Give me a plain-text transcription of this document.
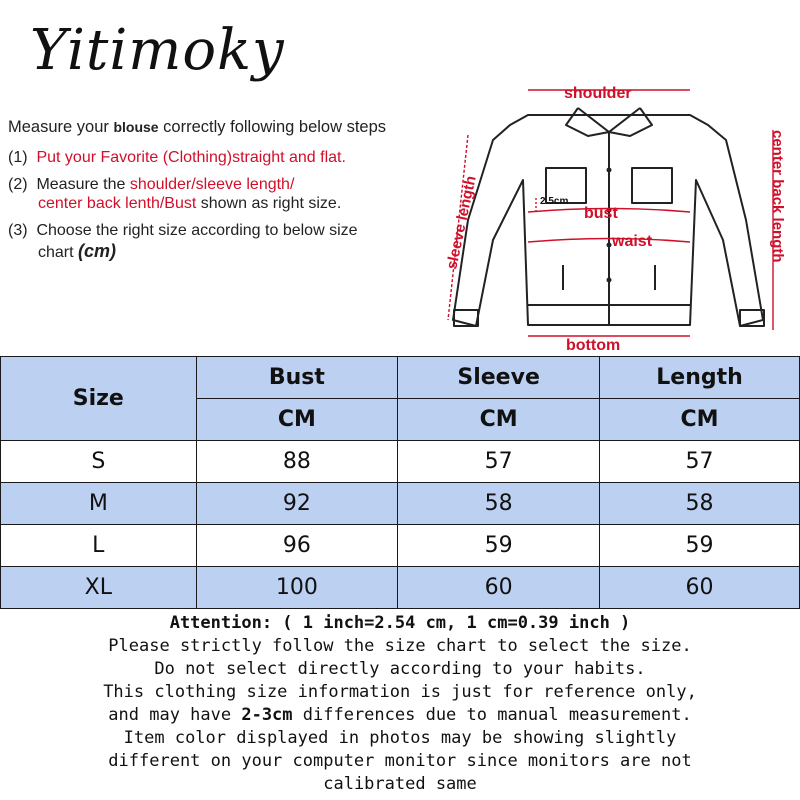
Yitimoky
Measure your blouse correctly following below steps
(1) Put your Favorite (Clothing)straight and flat.
(2) Measure the shoulder/sleeve length/
center back lenth/Bust shown as right size.
(3) Choose the right size according to below size
chart (cm)
shoulder
sleeve length	center back length
bust
waist
bottom
2.5cm
Size	Bust	Sleeve	Length
	CM	CM	CM
S	88	57	57
M	92	58	58
L	96	59	59
XL	100	60	60
Attention: ( 1 inch=2.54 cm, 1 cm=0.39 inch )
Please strictly follow the size chart to select the size.
Do not select directly according to your habits.
This clothing size information is just for reference only,
and may have 2-3cm differences due to manual measurement.
Item color displayed in photos may be showing slightly
different on your computer monitor since monitors are not
calibrated same
